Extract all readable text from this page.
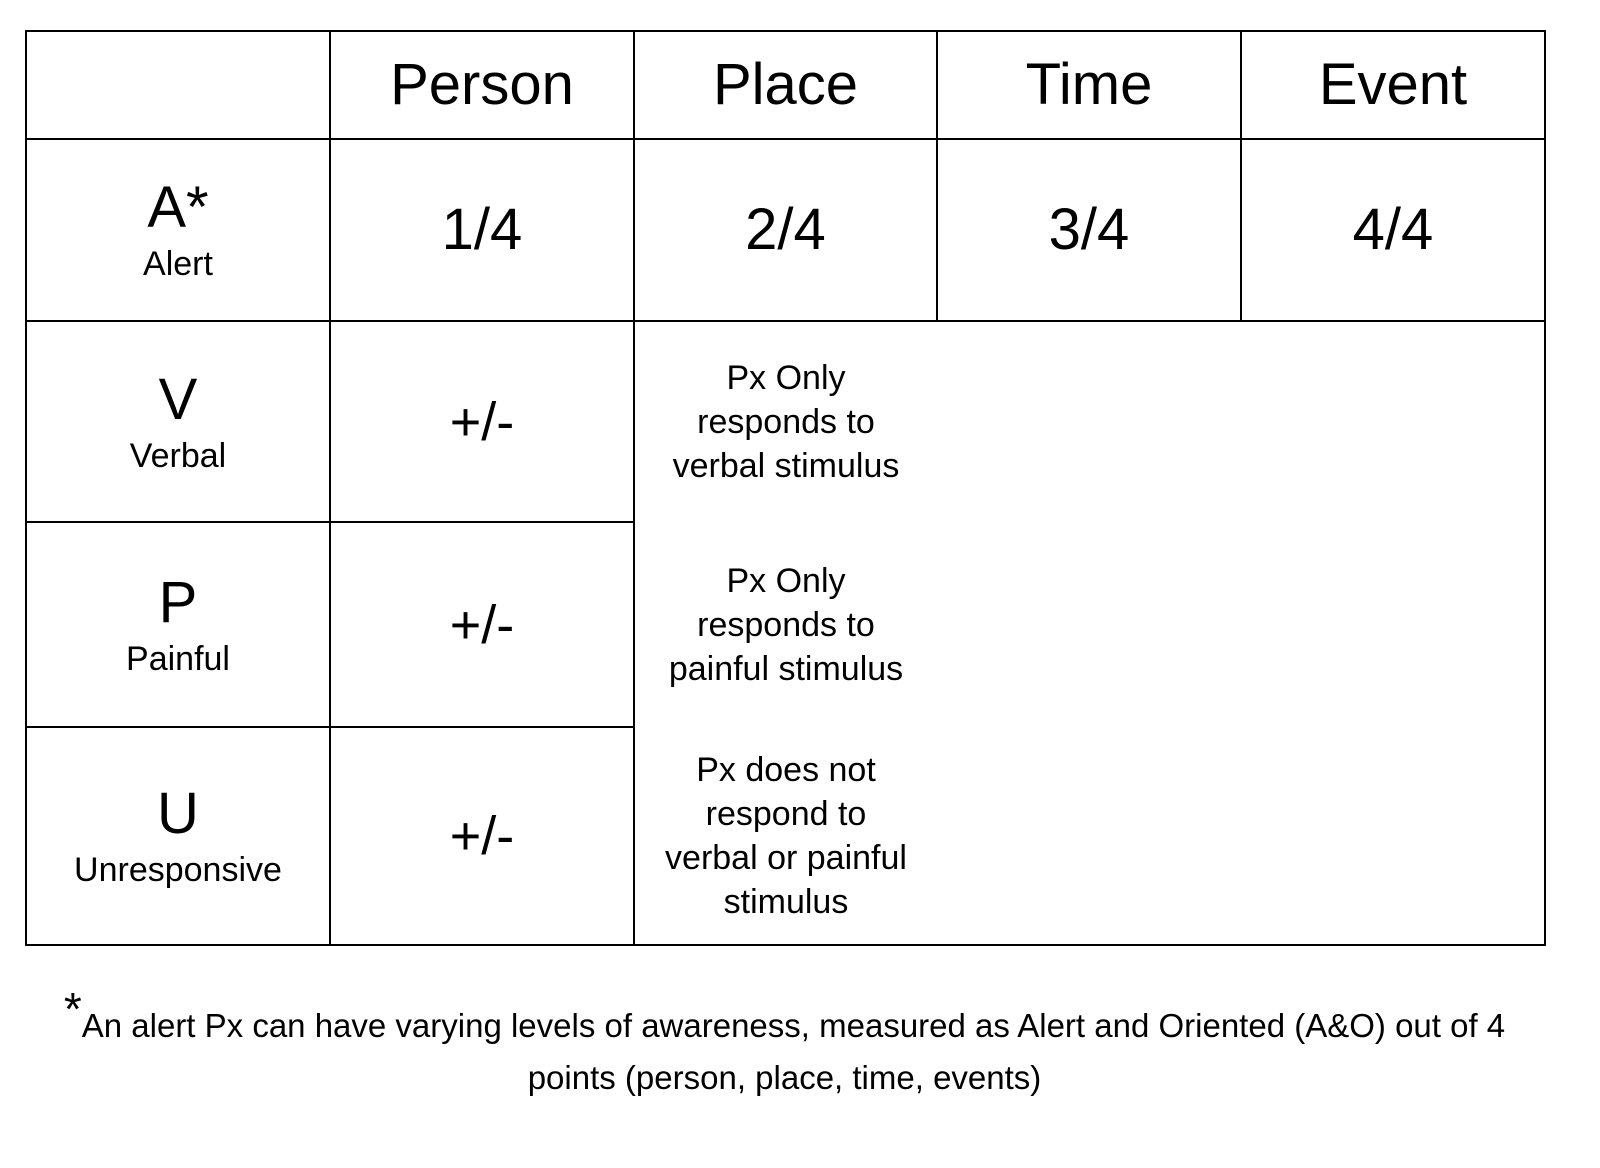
	Person	Place	Time	Event

A*
Alert	1/4	2/4	3/4	4/4

V
Verbal	+/-	Px Only
responds to
verbal stimulus		

P
Painful	+/-	Px Only
responds to
painful stimulus		

U
Unresponsive	+/-	Px does not
respond to
verbal or painful
stimulus		

*An alert Px can have varying levels of awareness, measured as Alert and Oriented (A&O) out of 4 points (person, place, time, events)
